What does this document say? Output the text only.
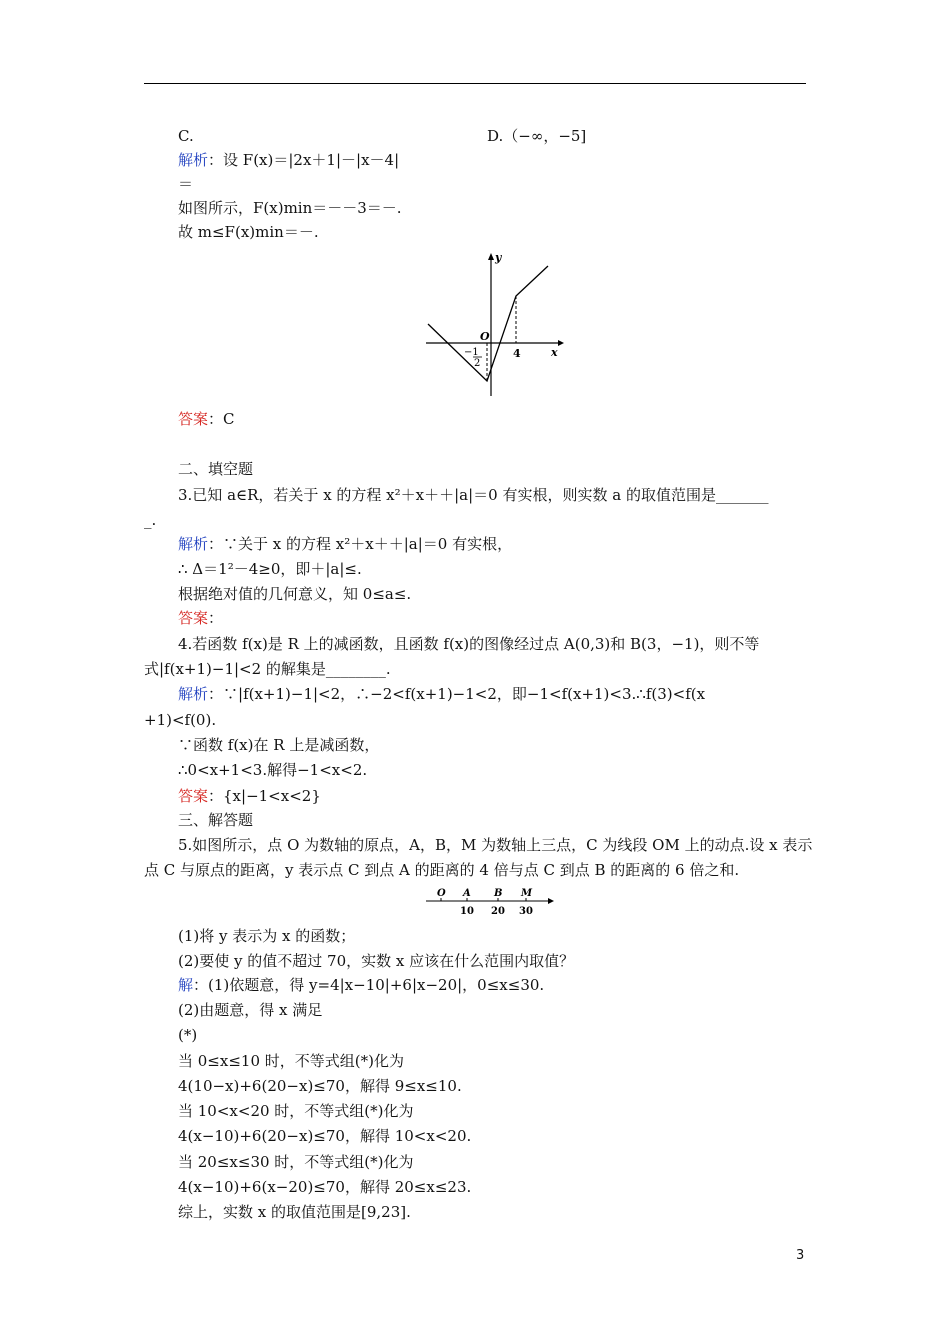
C.	D.（−∞，−5]
解析：设 F(x)＝|2x＋1|－|x－4|
＝
如图所示，F(x)min＝－－3＝－.
故 m≤F(x)min＝－.
y
x
O
4
−1
2
答案：C
二、填空题
3.已知 a∈R，若关于 x 的方程 x²＋x＋＋|a|＝0 有实根，则实数 a 的取值范围是_______
_.
解析：∵关于 x 的方程 x²＋x＋＋|a|＝0 有实根，
∴ Δ＝1²－4≥0，即＋|a|≤.
根据绝对值的几何意义，知 0≤a≤.
答案：
4.若函数 f(x)是 R 上的减函数，且函数 f(x)的图像经过点 A(0,3)和 B(3，−1)，则不等
式|f(x+1)−1|<2 的解集是________.
解析：∵|f(x+1)−1|<2，∴−2<f(x+1)−1<2，即−1<f(x+1)<3.∴f(3)<f(x
+1)<f(0).
∵函数 f(x)在 R 上是减函数，
∴0<x+1<3.解得−1<x<2.
答案：{x|−1<x<2}
三、解答题
5.如图所示，点 O 为数轴的原点，A，B，M 为数轴上三点，C 为线段 OM 上的动点.设 x 表示
点 C 与原点的距离，y 表示点 C 到点 A 的距离的 4 倍与点 C 到点 B 的距离的 6 倍之和.
O A B M
10 20 30
(1)将 y 表示为 x 的函数；
(2)要使 y 的值不超过 70，实数 x 应该在什么范围内取值？
解：(1)依题意，得 y=4|x−10|+6|x−20|，0≤x≤30.
(2)由题意，得 x 满足
(*)
当 0≤x≤10 时，不等式组(*)化为
4(10−x)+6(20−x)≤70，解得 9≤x≤10.
当 10<x<20 时，不等式组(*)化为
4(x−10)+6(20−x)≤70，解得 10<x<20.
当 20≤x≤30 时，不等式组(*)化为
4(x−10)+6(x−20)≤70，解得 20≤x≤23.
综上，实数 x 的取值范围是[9,23].
3
